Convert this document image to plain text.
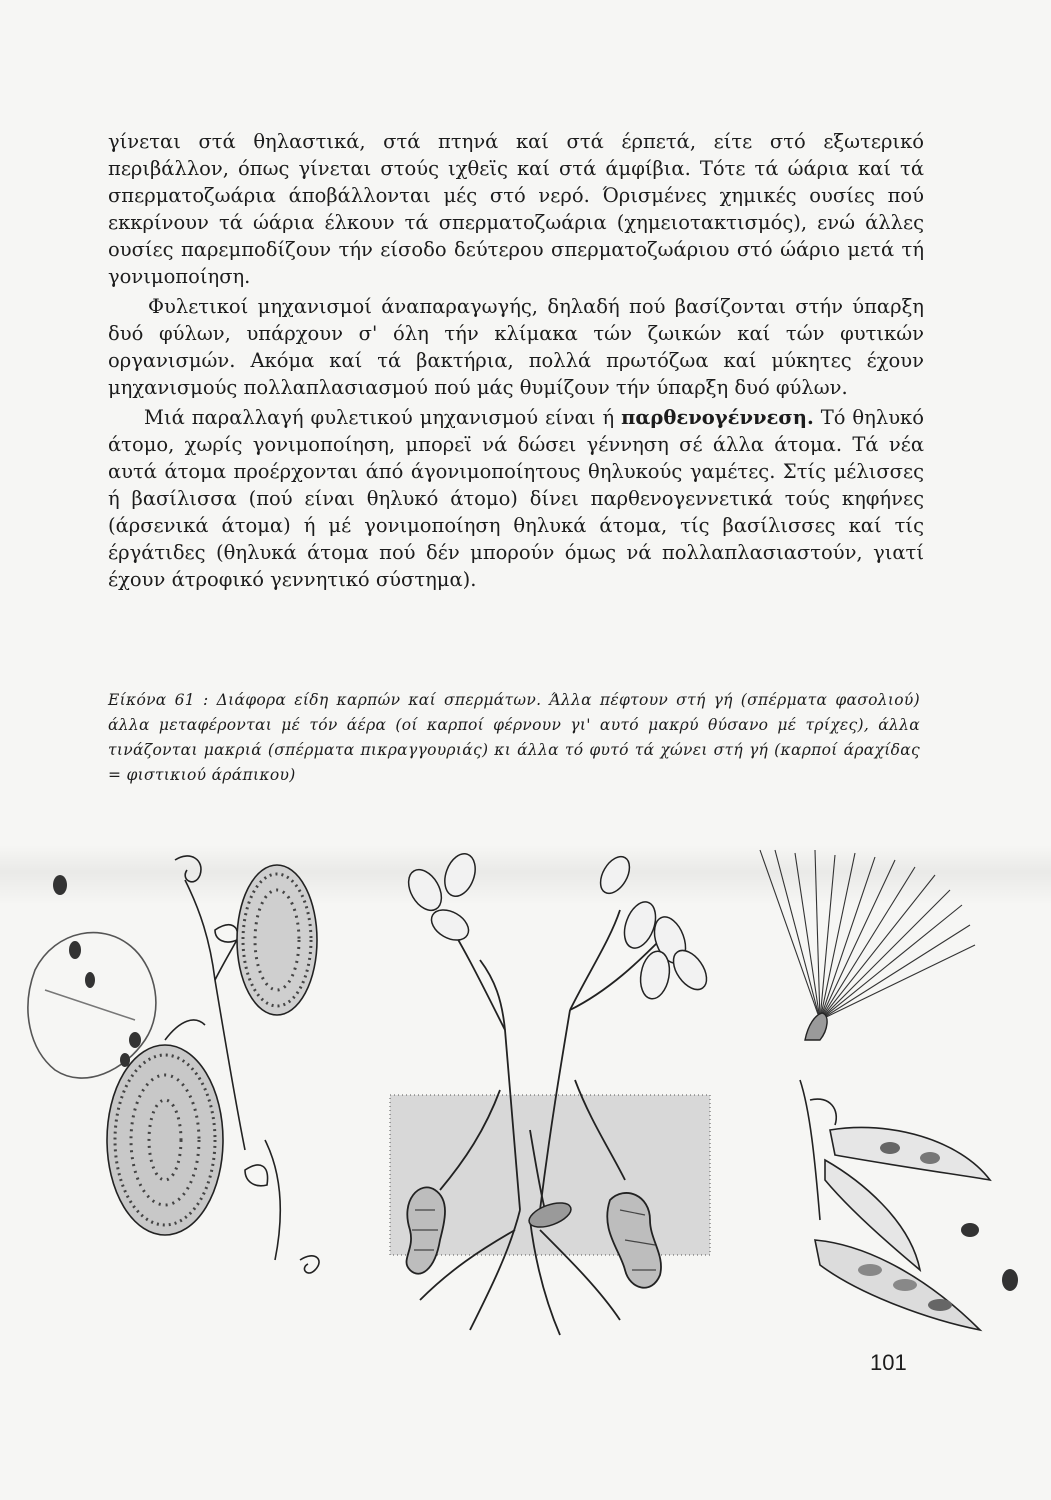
γίνεται στά θηλαστικά, στά πτηνά καί στά έρπετά, είτε στό εξωτερικό περιβάλλον, όπως γίνεται στούς ιχθεϊς καί στά άμφίβια. Τότε τά ώάρια καί τά σπερματοζωάρια άποβάλλονται μές στό νερό. Όρισμένες χημικές ουσίες πού εκκρίνουν τά ώάρια έλκουν τά σπερματοζωάρια (χημειοτακτισμός), ενώ άλλες ουσίες παρεμποδίζουν τήν είσοδο δεύτερου σπερματοζωάριου στό ώάριο μετά τή γονιμοποίηση.

Φυλετικοί μηχανισμοί άναπαραγωγής, δηλαδή πού βασίζονται στήν ύπαρξη δυό φύλων, υπάρχουν σ' όλη τήν κλίμακα τών ζωικών καί τών φυτικών οργανισμών. Ακόμα καί τά βακτήρια, πολλά πρωτόζωα καί μύκητες έχουν μηχανισμούς πολλαπλασιασμού πού μάς θυμίζουν τήν ύπαρξη δυό φύλων.

Μιά παραλλαγή φυλετικού μηχανισμού είναι ή παρθενογέννεση. Τό θηλυκό άτομο, χωρίς γονιμοποίηση, μπορεϊ νά δώσει γέννηση σέ άλλα άτομα. Τά νέα αυτά άτομα προέρχονται άπό άγονιμοποίητους θηλυκούς γαμέτες. Στίς μέλισσες ή βασίλισσα (πού είναι θηλυκό άτομο) δίνει παρθενογεννετικά τούς κηφήνες (άρσενικά άτομα) ή μέ γονιμοποίηση θηλυκά άτομα, τίς βασίλισσες καί τίς έργάτιδες (θηλυκά άτομα πού δέν μπορούν όμως νά πολλαπλασιαστούν, γιατί έχουν άτροφικό γεννητικό σύστημα).

Είκόνα 61 : Διάφορα είδη καρπών καί σπερμάτων. Άλλα πέφτουν στή γή (σπέρματα φασολιού) άλλα μεταφέρονται μέ τόν άέρα (οί καρποί φέρνουν γι' αυτό μακρύ θύσανο μέ τρίχες), άλλα τινάζονται μακριά (σπέρματα πικραγγουριάς) κι άλλα τό φυτό τά χώνει στή γή (καρποί άραχίδας = φιστικιού άράπικου)
101
